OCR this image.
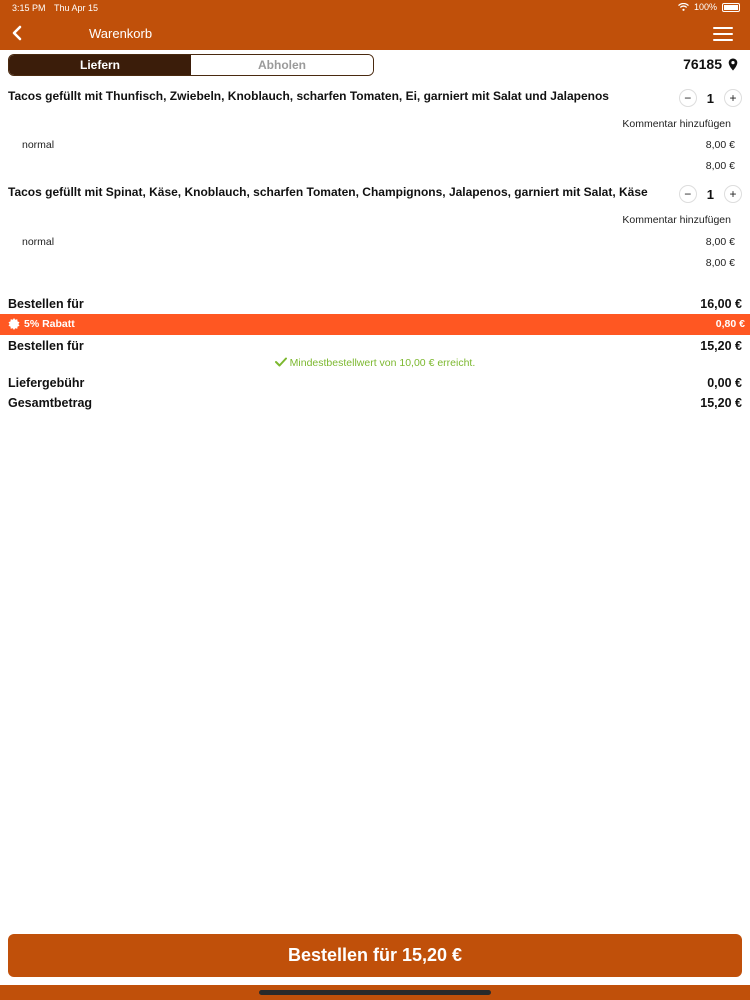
3:15 PM Thu Apr 15	100%
Warenkorb
Liefern	Abholen	76185
Tacos gefüllt mit Thunfisch, Zwiebeln, Knoblauch, scharfen Tomaten, Ei, garniert mit Salat und Jalapenos	−	1	+
Kommentar hinzufügen
normal	8,00 €
8,00 €
Tacos gefüllt mit Spinat, Käse, Knoblauch, scharfen Tomaten, Champignons, Jalapenos, garniert mit Salat, Käse	−	1	+
Kommentar hinzufügen
normal	8,00 €
8,00 €
Bestellen für	16,00 €
5% Rabatt	0,80 €
Bestellen für	15,20 €
Mindestbestellwert von 10,00 € erreicht.
Liefergebühr	0,00 €
Gesamtbetrag	15,20 €
Bestellen für 15,20 €
